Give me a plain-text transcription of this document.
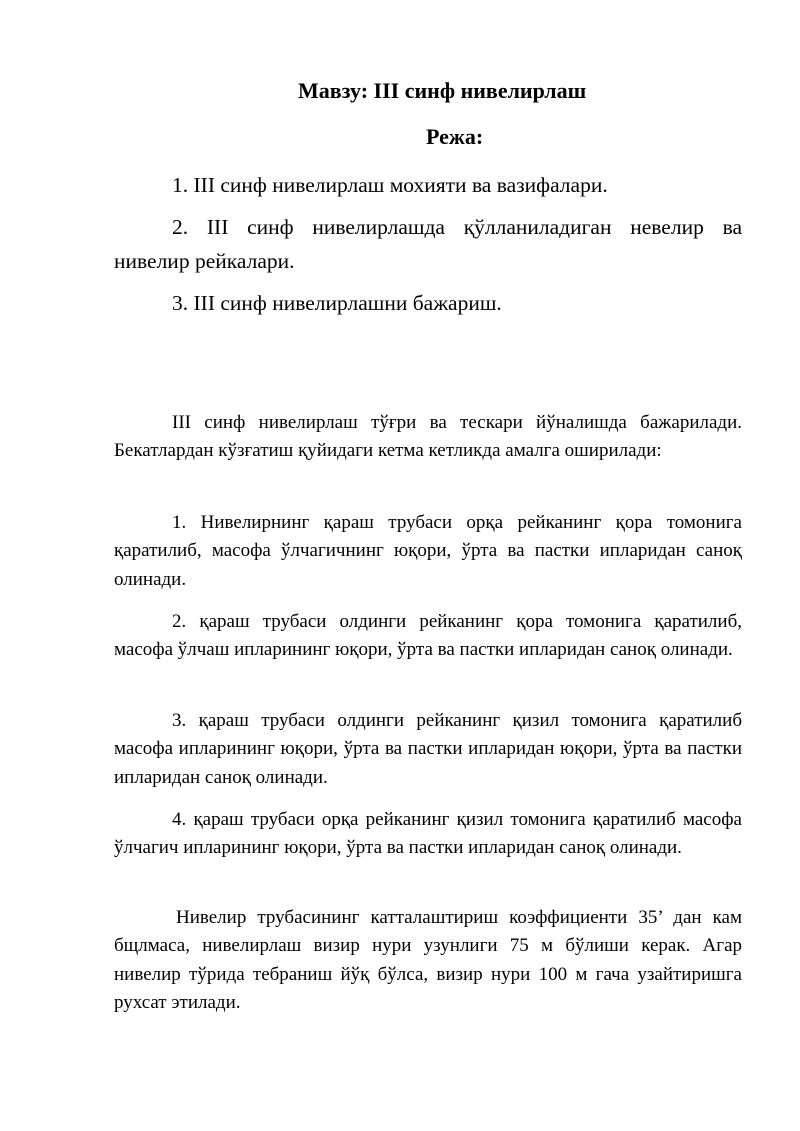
Мавзу: III синф нивелирлаш
Режа:

1. III синф нивелирлаш мохияти ва вазифалари.

2. III синф нивелирлашда қўлланиладиган невелир ва нивелир рейкалари.

3. III синф нивелирлашни бажариш.

III синф нивелирлаш тўғри ва тескари йўналишда бажарилади. Бекатлардан кўзғатиш қуйидаги кетма кетликда амалга оширилади:

1. Нивелирнинг қараш трубаси орқа рейканинг қора томонига қаратилиб, масофа ўлчагичнинг юқори, ўрта ва пастки ипларидан саноқ олинади.

2. қараш трубаси олдинги рейканинг қора томонига қаратилиб, масофа ўлчаш ипларининг юқори, ўрта ва пастки ипларидан саноқ олинади.

3. қараш трубаси олдинги рейканинг қизил томонига қаратилиб масофа ипларининг юқори, ўрта ва пастки ипларидан юқори, ўрта ва пастки ипларидан саноқ олинади.

4. қараш трубаси орқа рейканинг қизил томонига қаратилиб масофа ўлчагич ипларининг юқори, ўрта ва пастки ипларидан саноқ олинади.

Нивелир трубасининг катталаштириш коэффициенти 35’ дан кам бщлмаса, нивелирлаш визир нури узунлиги 75 м бўлиши керак. Агар нивелир тўрида тебраниш йўқ бўлса, визир нури 100 м гача узайтиришга рухсат этилади.
